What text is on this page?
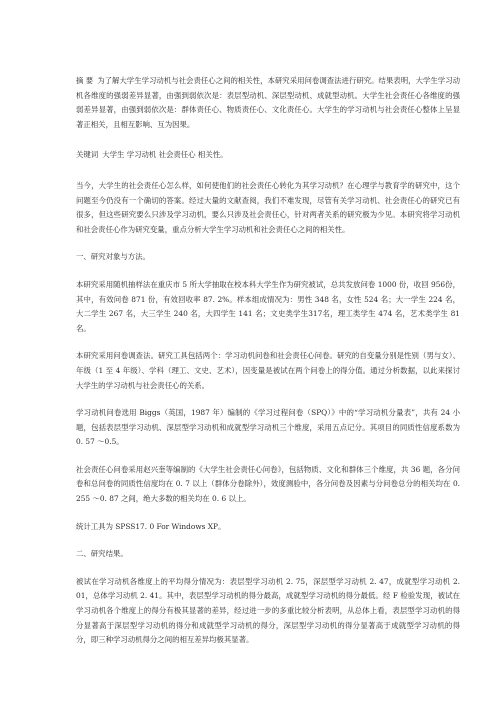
摘 要 为了解大学生学习动机与社会责任心之间的相关性，本研究采用问卷调查法进行研究。结果表明，大学生学习动机各维度的强弱差异显著，由强到弱依次是：表层型动机、深层型动机、成就型动机。大学生社会责任心各维度的强弱差异显著，由强到弱依次是：群体责任心、物质责任心、文化责任心。大学生的学习动机与社会责任心整体上呈显著正相关，且相互影响、互为因果。

关键词 大学生 学习动机 社会责任心 相关性。

当今，大学生的社会责任心怎么样，如何使他们的社会责任心转化为其学习动机？在心理学与教育学的研究中，这个问题至今仍没有一个确切的答案。经过大量的文献查阅，我们不难发现，尽管有关学习动机、社会责任心的研究已有很多，但这些研究要么只涉及学习动机，要么只涉及社会责任心，针对两者关系的研究极为少见。本研究将学习动机和社会责任心作为研究变量，重点分析大学生学习动机和社会责任心之间的相关性。

一、研究对象与方法。

本研究采用随机抽样法在重庆市 5 所大学抽取在校本科大学生作为研究被试，总共发放问卷 1000 份，收回 956份，其中，有效问卷 871 份，有效回收率 87. 2%。样本组成情况为：男性 348 名，女性 524 名；大一学生 224 名，大二学生 267 名，大三学生 240 名，大四学生 141 名；文史类学生317名，理工类学生 474 名，艺术类学生 81 名。

本研究采用问卷调查法。研究工具包括两个：学习动机问卷和社会责任心问卷。研究的自变量分别是性别（男与女）、年级（1 至 4 年级）、学科（理工、文史、艺术），因变量是被试在两个问卷上的得分值。通过分析数据，以此来探讨大学生的学习动机与社会责任心的关系。

学习动机问卷选用 Biggs（英国，1987 年）编制的《学习过程问卷（SPQ）》中的“学习动机分量表”，共有 24 小题，包括表层型学习动机、深层型学习动机和成就型学习动机三个维度，采用五点记分。其项目的同质性信度系数为 0. 57 ～0.5。

社会责任心问卷采用赵兴奎等编制的《大学生社会责任心问卷》，包括物质、文化和群体三个维度，共 36 题，各分问卷和总问卷的同质性信度均在 0. 7 以上（群体分卷除外），效度测验中，各分问卷及因素与分问卷总分的相关均在 0. 255 ～0. 87 之间，绝大多数的相关均在 0. 6 以上。

统计工具为 SPSS17. 0 For Windows XP。

二、研究结果。

被试在学习动机各维度上的平均得分情况为：表层型学习动机 2. 75，深层型学习动机 2. 47，成就型学习动机 2. 01，总体学习动机 2. 41。其中，表层型学习动机的得分最高，成就型学习动机的得分最低。经 F 检验发现，被试在学习动机各个维度上的得分有极其显著的差异，经过进一步的多重比较分析表明，从总体上看，表层型学习动机的得分显著高于深层型学习动机的得分和成就型学习动机的得分，深层型学习动机的得分显著高于成就型学习动机的得分，即三种学习动机得分之间的相互差异均极其显著。
